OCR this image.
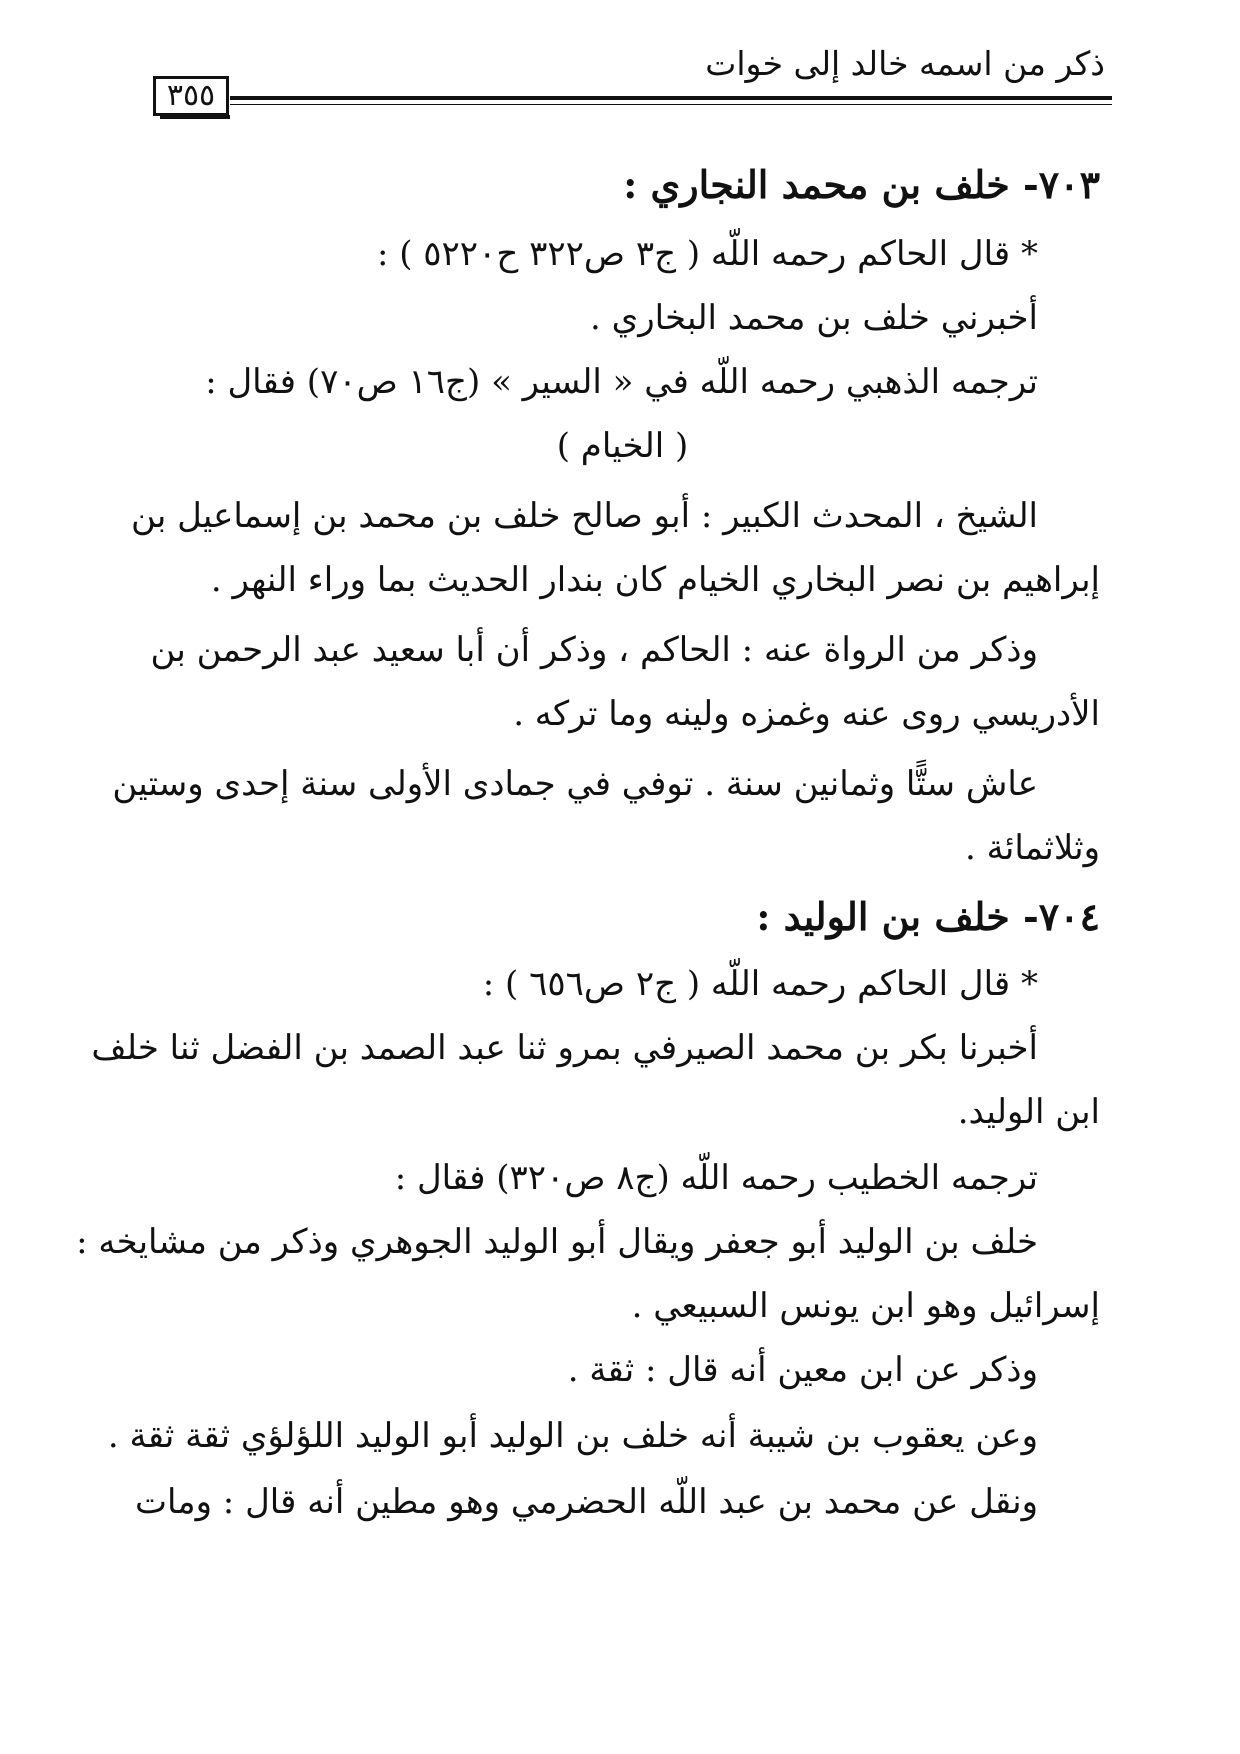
ذكر من اسمه خالد إلى خوات
٣٥٥
٧٠٣- خلف بن محمد النجاري :
* قال الحاكم رحمه اللّه ( ج٣ ص٣٢٢ ح٥٢٢٠ ) :
أخبرني خلف بن محمد البخاري .
ترجمه الذهبي رحمه اللّه في « السير » (ج١٦ ص٧٠) فقال :
( الخيام )
الشيخ ، المحدث الكبير : أبو صالح خلف بن محمد بن إسماعيل بن
إبراهيم بن نصر البخاري الخيام كان بندار الحديث بما وراء النهر .
وذكر من الرواة عنه : الحاكم ، وذكر أن أبا سعيد عبد الرحمن بن
الأدريسي روى عنه وغمزه ولينه وما تركه .
عاش ستًّا وثمانين سنة . توفي في جمادى الأولى سنة إحدى وستين
وثلاثمائة .
٧٠٤- خلف بن الوليد :
* قال الحاكم رحمه اللّه ( ج٢ ص٦٥٦ ) :
أخبرنا بكر بن محمد الصيرفي بمرو ثنا عبد الصمد بن الفضل ثنا خلف
ابن الوليد.
ترجمه الخطيب رحمه اللّه (ج٨ ص٣٢٠) فقال :
خلف بن الوليد أبو جعفر ويقال أبو الوليد الجوهري وذكر من مشايخه :
إسرائيل وهو ابن يونس السبيعي .
وذكر عن ابن معين أنه قال : ثقة .
وعن يعقوب بن شيبة أنه خلف بن الوليد أبو الوليد اللؤلؤي ثقة ثقة .
ونقل عن محمد بن عبد اللّه الحضرمي وهو مطين أنه قال : ومات
